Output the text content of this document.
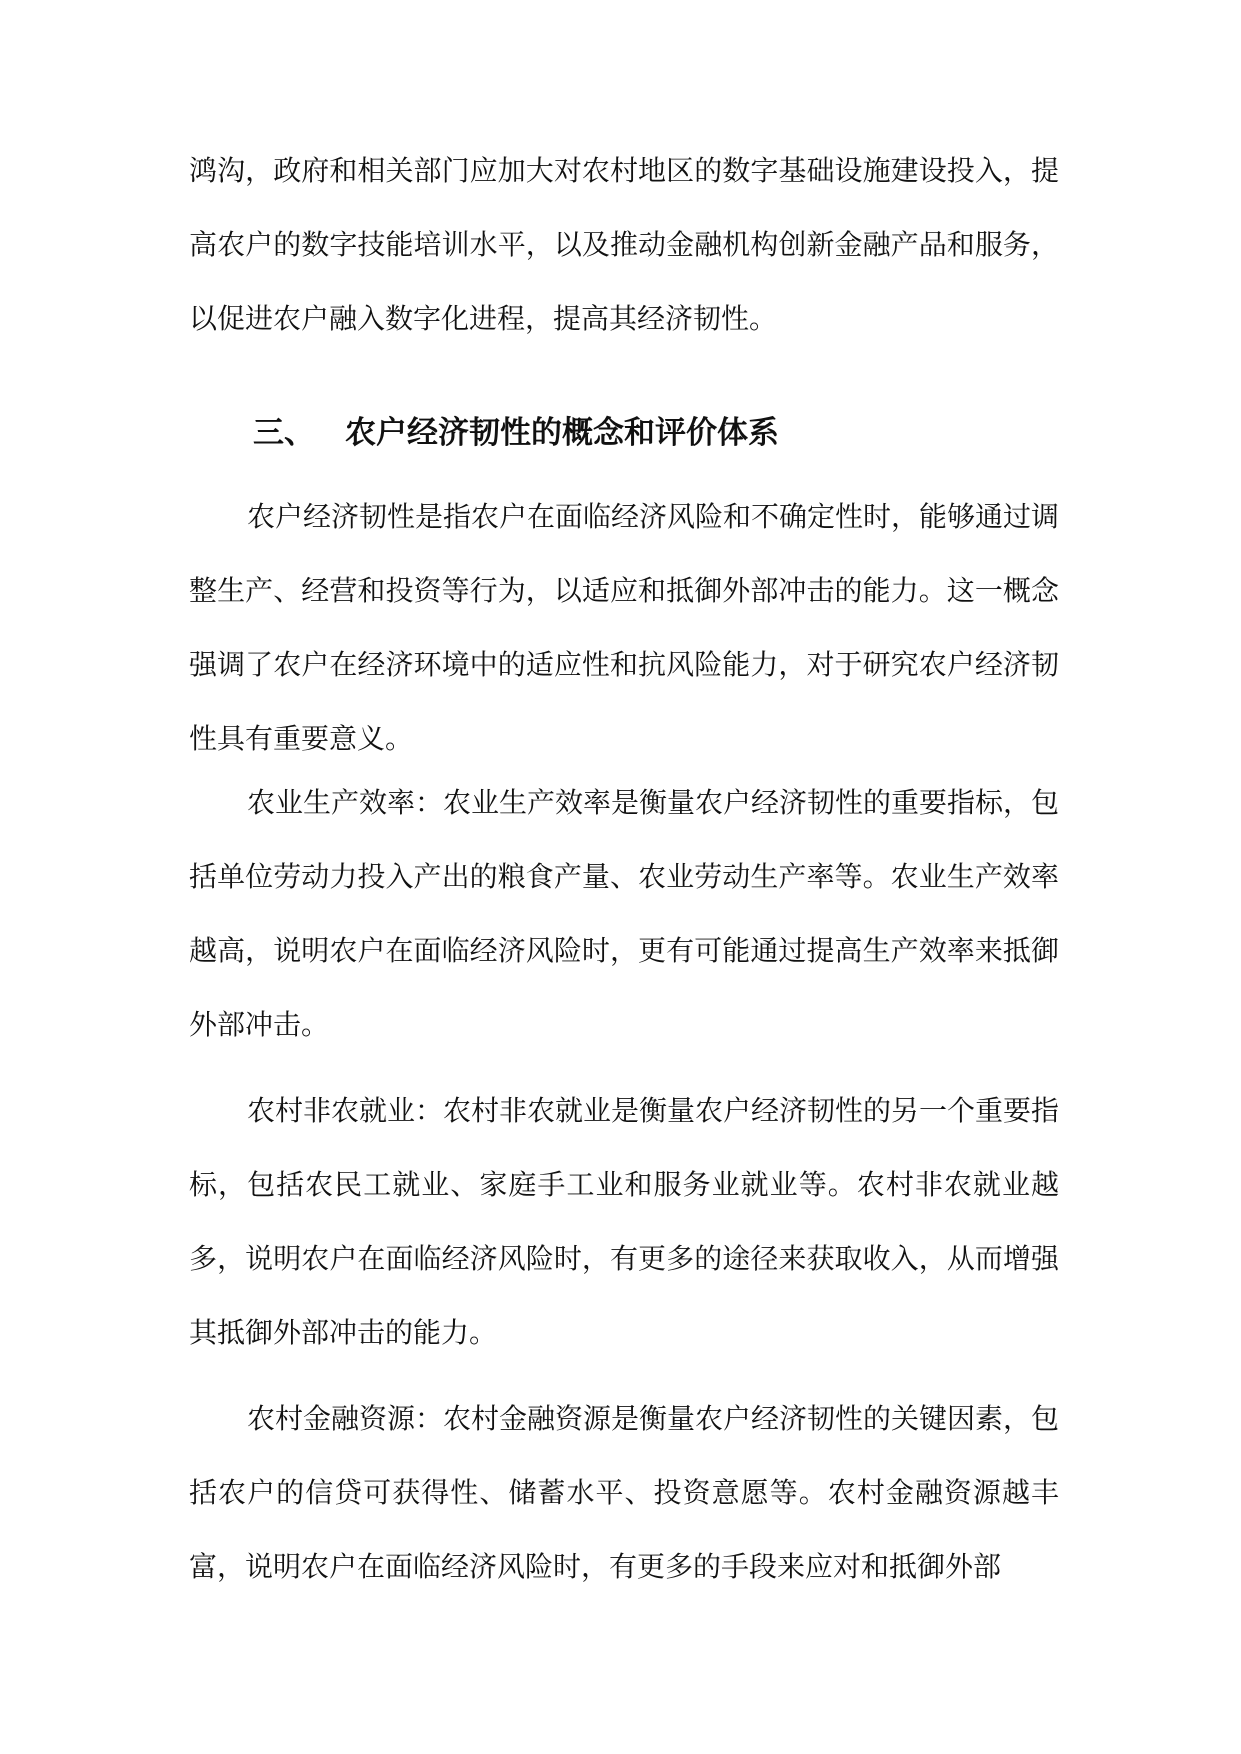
鸿沟，政府和相关部门应加大对农村地区的数字基础设施建设投入，提高农户的数字技能培训水平，以及推动金融机构创新金融产品和服务，以促进农户融入数字化进程，提高其经济韧性。

三、 农户经济韧性的概念和评价体系

农户经济韧性是指农户在面临经济风险和不确定性时，能够通过调整生产、经营和投资等行为，以适应和抵御外部冲击的能力。这一概念强调了农户在经济环境中的适应性和抗风险能力，对于研究农户经济韧性具有重要意义。

农业生产效率：农业生产效率是衡量农户经济韧性的重要指标，包括单位劳动力投入产出的粮食产量、农业劳动生产率等。农业生产效率越高，说明农户在面临经济风险时，更有可能通过提高生产效率来抵御外部冲击。

农村非农就业：农村非农就业是衡量农户经济韧性的另一个重要指标，包括农民工就业、家庭手工业和服务业就业等。农村非农就业越多，说明农户在面临经济风险时，有更多的途径来获取收入，从而增强其抵御外部冲击的能力。

农村金融资源：农村金融资源是衡量农户经济韧性的关键因素，包括农户的信贷可获得性、储蓄水平、投资意愿等。农村金融资源越丰富，说明农户在面临经济风险时，有更多的手段来应对和抵御外部
